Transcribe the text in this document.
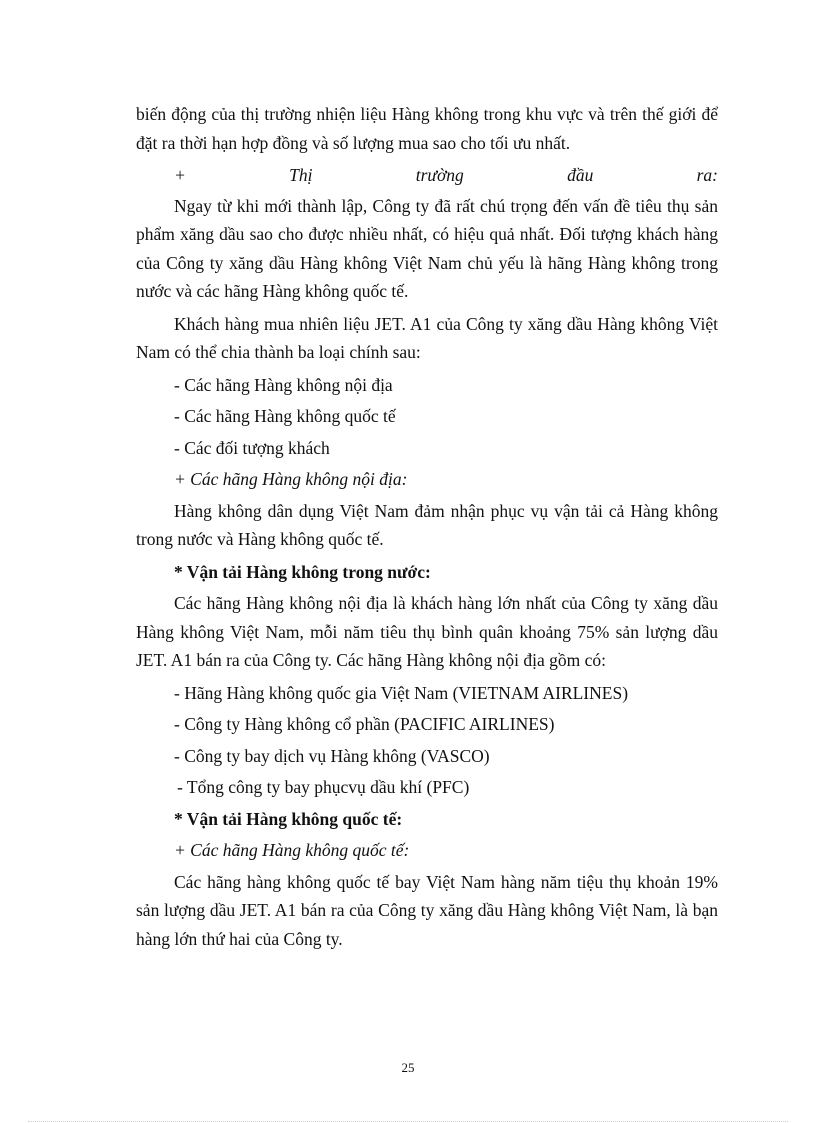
biến động của thị trường nhiện liệu Hàng không trong khu vực và trên thế giới để đặt ra thời hạn hợp đồng và số lượng mua sao cho tối ưu nhất.

+	Thị	trường	đầu	ra:

Ngay từ khi mới thành lập, Công ty đã rất chú trọng đến vấn đề tiêu thụ sản phẩm xăng dầu sao cho được nhiều nhất, có hiệu quả nhất. Đối tượng khách hàng của Công ty xăng dầu Hàng không Việt Nam chủ yếu là hãng Hàng không trong nước và các hãng Hàng không quốc tế.

Khách hàng mua nhiên liệu JET. A1 của Công ty xăng dầu Hàng không Việt Nam có thể chia thành ba loại chính sau:

- Các hãng Hàng không nội địa

- Các hãng Hàng không quốc tế

- Các đối tượng khách

+ Các hãng Hàng không nội địa:

Hàng không dân dụng Việt Nam đảm nhận phục vụ vận tải cả Hàng không trong nước và Hàng không quốc tế.

* Vận tải Hàng không trong nước:

Các hãng Hàng không nội địa là khách hàng lớn nhất của Công ty xăng dầu Hàng không Việt Nam, mỗi năm tiêu thụ bình quân khoảng 75% sản lượng dầu JET. A1 bán ra của Công ty. Các hãng Hàng không nội địa gồm có:

- Hãng Hàng không quốc gia Việt Nam (VIETNAM AIRLINES)

- Công ty Hàng không cổ phần (PACIFIC AIRLINES)

- Công ty bay dịch vụ Hàng không (VASCO)

- Tổng công ty bay phụcvụ dầu khí (PFC)

* Vận tải Hàng không quốc tế:

+ Các hãng Hàng không quốc tế:

Các hãng hàng không quốc tế bay Việt Nam hàng năm tiệu thụ khoản 19% sản lượng dầu JET. A1 bán ra của Công ty xăng dầu Hàng không Việt Nam, là bạn hàng lớn thứ hai của Công ty.

25
